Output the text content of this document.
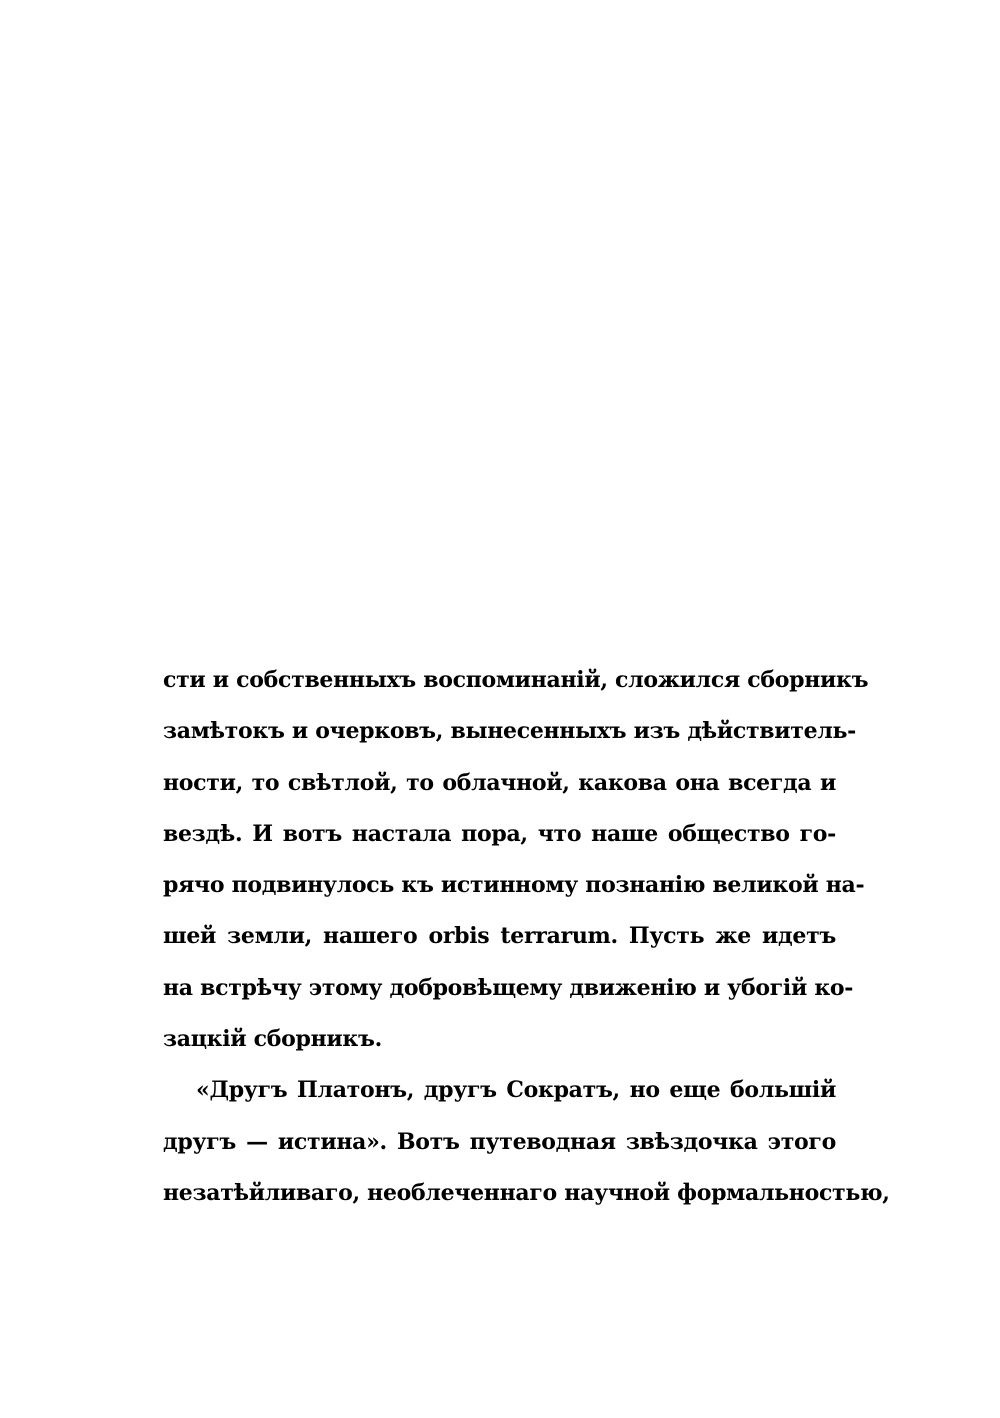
сти и собственныхъ воспоминаній, сложился сборникъ
замѣтокъ и очерковъ, вынесенныхъ изъ дѣйствитель-
ности, то свѣтлой, то облачной, какова она всегда и
вездѣ. И вотъ настала пора, что наше общество го-
рячо подвинулось къ истинному познанію великой на-
шей земли, нашего orbis terrarum. Пусть же идетъ
на встрѣчу этому добровѣщему движенію и убогій ко-
зацкій сборникъ.
«Другъ Платонъ, другъ Сократъ, но еще большій
другъ — истина». Вотъ путеводная звѣздочка этого
незатѣйливаго, необлеченнаго научной формальностью,
